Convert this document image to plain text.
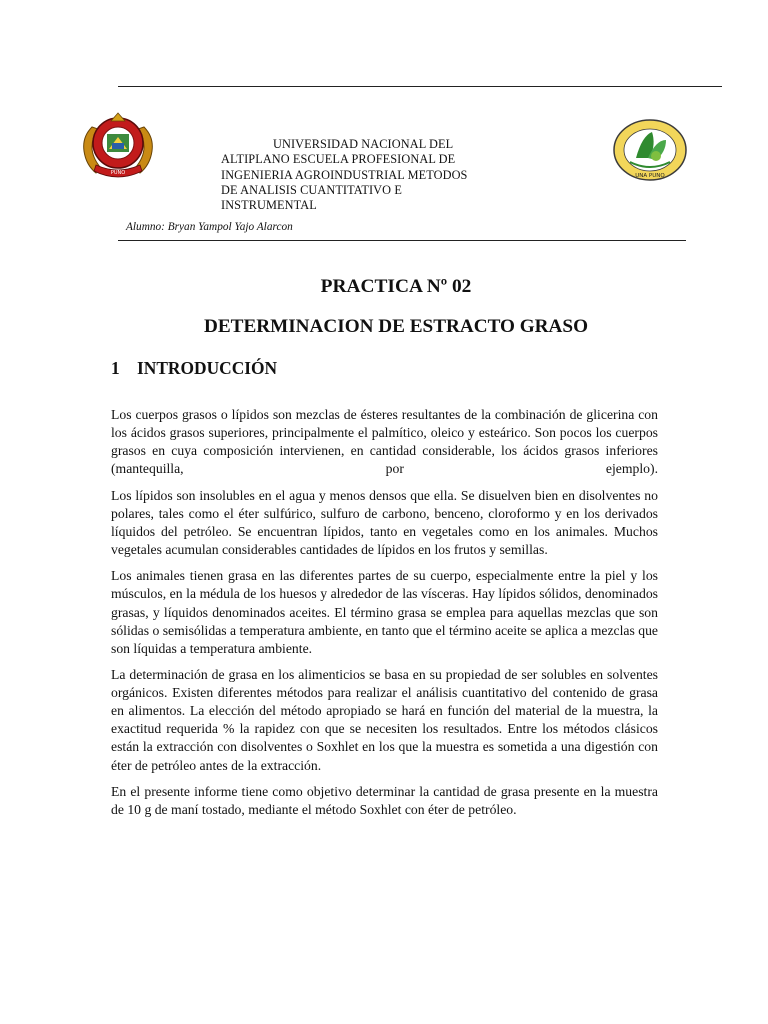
PUNO	UNA PUNO
UNIVERSIDAD NACIONAL DEL
ALTIPLANO ESCUELA PROFESIONAL DE
INGENIERIA AGROINDUSTRIAL METODOS
DE ANALISIS CUANTITATIVO E
INSTRUMENTAL
Alumno: Bryan Yampol Yajo Alarcon
PRACTICA Nº 02
DETERMINACION DE ESTRACTO GRASO
1 INTRODUCCIÓN

Los cuerpos grasos o lípidos son mezclas de ésteres resultantes de la combinación de glicerina con los ácidos grasos superiores, principalmente el palmítico, oleico y esteárico. Son pocos los cuerpos grasos en cuya composición intervienen, en cantidad considerable, los ácidos grasos inferiores (mantequilla, por ejemplo).

Los lípidos son insolubles en el agua y menos densos que ella. Se disuelven bien en disolventes no polares, tales como el éter sulfúrico, sulfuro de carbono, benceno, cloroformo y en los derivados líquidos del petróleo. Se encuentran lípidos, tanto en vegetales como en los animales. Muchos vegetales acumulan considerables cantidades de lípidos en los frutos y semillas.

Los animales tienen grasa en las diferentes partes de su cuerpo, especialmente entre la piel y los músculos, en la médula de los huesos y alrededor de las vísceras. Hay lípidos sólidos, denominados grasas, y líquidos denominados aceites. El término grasa se emplea para aquellas mezclas que son sólidas o semisólidas a temperatura ambiente, en tanto que el término aceite se aplica a mezclas que son líquidas a temperatura ambiente.

La determinación de grasa en los alimenticios se basa en su propiedad de ser solubles en solventes orgánicos. Existen diferentes métodos para realizar el análisis cuantitativo del contenido de grasa en alimentos. La elección del método apropiado se hará en función del material de la muestra, la exactitud requerida % la rapidez con que se necesiten los resultados. Entre los métodos clásicos están la extracción con disolventes o Soxhlet en los que la muestra es sometida a una digestión con éter de petróleo antes de la extracción.

En el presente informe tiene como objetivo determinar la cantidad de grasa presente en la muestra de 10 g de maní tostado, mediante el método Soxhlet con éter de petróleo.
